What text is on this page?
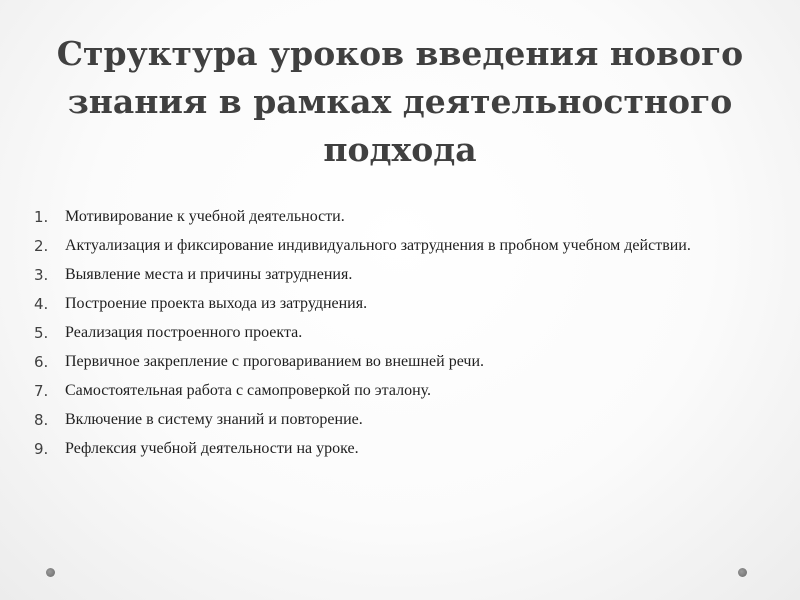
Структура уроков введения нового
знания в рамках деятельностного
подхода
1.	Мотивирование к учебной деятельности.
2.	Актуализация и фиксирование индивидуального затруднения в пробном учебном действии.
3.	Выявление места и причины затруднения.
4.	Построение проекта выхода из затруднения.
5.	Реализация построенного проекта.
6.	Первичное закрепление с проговариванием во внешней речи.
7.	Самостоятельная работа с самопроверкой по эталону.
8.	Включение в систему знаний и повторение.
9.	Рефлексия учебной деятельности на уроке.
